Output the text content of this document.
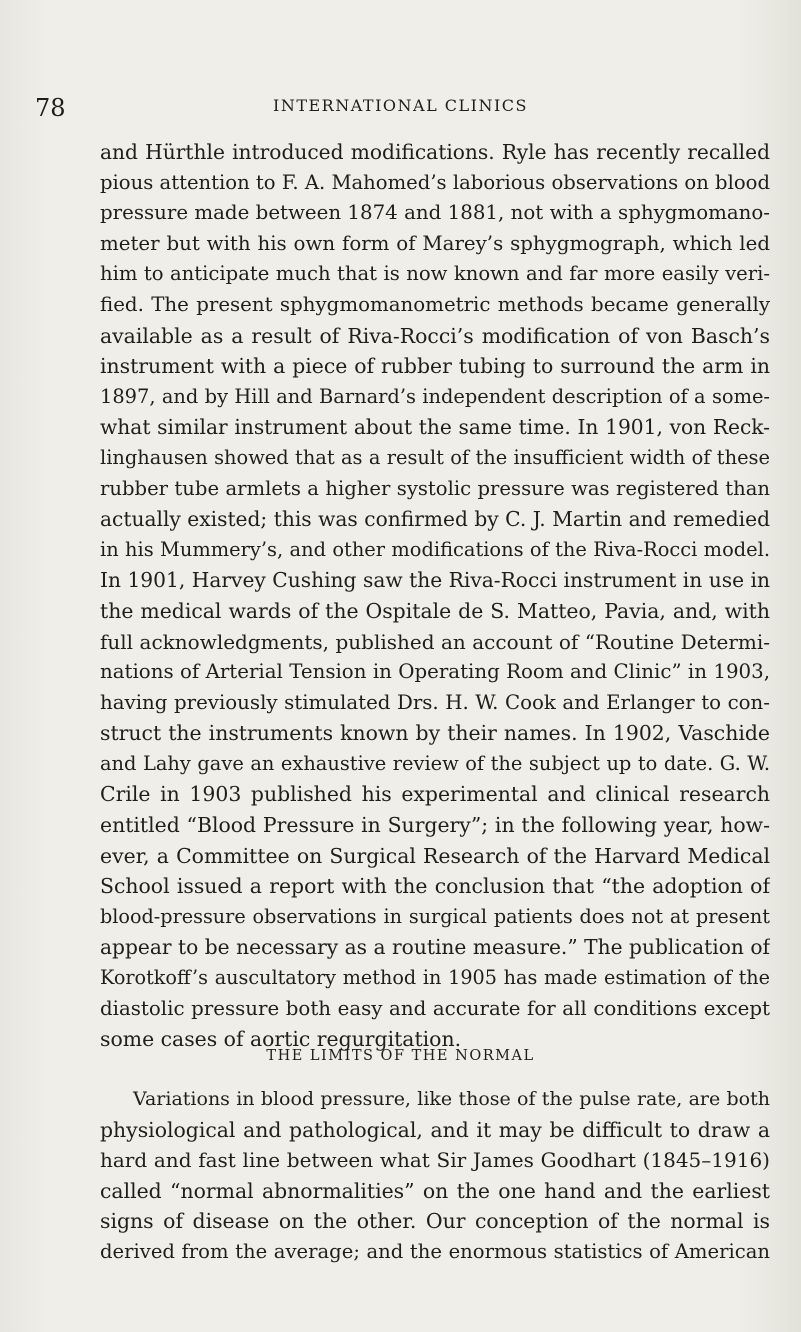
78	INTERNATIONAL CLINICS
and Hürthle introduced modifications. Ryle has recently recalled
pious attention to F. A. Mahomed’s laborious observations on blood
pressure made between 1874 and 1881, not with a sphygmomano-
meter but with his own form of Marey’s sphygmograph, which led
him to anticipate much that is now known and far more easily veri-
fied. The present sphygmomanometric methods became generally
available as a result of Riva-Rocci’s modification of von Basch’s
instrument with a piece of rubber tubing to surround the arm in
1897, and by Hill and Barnard’s independent description of a some-
what similar instrument about the same time. In 1901, von Reck-
linghausen showed that as a result of the insufficient width of these
rubber tube armlets a higher systolic pressure was registered than
actually existed; this was confirmed by C. J. Martin and remedied
in his Mummery’s, and other modifications of the Riva-Rocci model.
In 1901, Harvey Cushing saw the Riva-Rocci instrument in use in
the medical wards of the Ospitale de S. Matteo, Pavia, and, with
full acknowledgments, published an account of “Routine Determi-
nations of Arterial Tension in Operating Room and Clinic” in 1903,
having previously stimulated Drs. H. W. Cook and Erlanger to con-
struct the instruments known by their names. In 1902, Vaschide
and Lahy gave an exhaustive review of the subject up to date. G. W.
Crile in 1903 published his experimental and clinical research
entitled “Blood Pressure in Surgery”; in the following year, how-
ever, a Committee on Surgical Research of the Harvard Medical
School issued a report with the conclusion that “the adoption of
blood-pressure observations in surgical patients does not at present
appear to be necessary as a routine measure.” The publication of
Korotkoff’s auscultatory method in 1905 has made estimation of the
diastolic pressure both easy and accurate for all conditions except
some cases of aortic regurgitation.
THE LIMITS OF THE NORMAL
Variations in blood pressure, like those of the pulse rate, are both
physiological and pathological, and it may be difficult to draw a
hard and fast line between what Sir James Goodhart (1845–1916)
called “normal abnormalities” on the one hand and the earliest
signs of disease on the other. Our conception of the normal is
derived from the average; and the enormous statistics of American
